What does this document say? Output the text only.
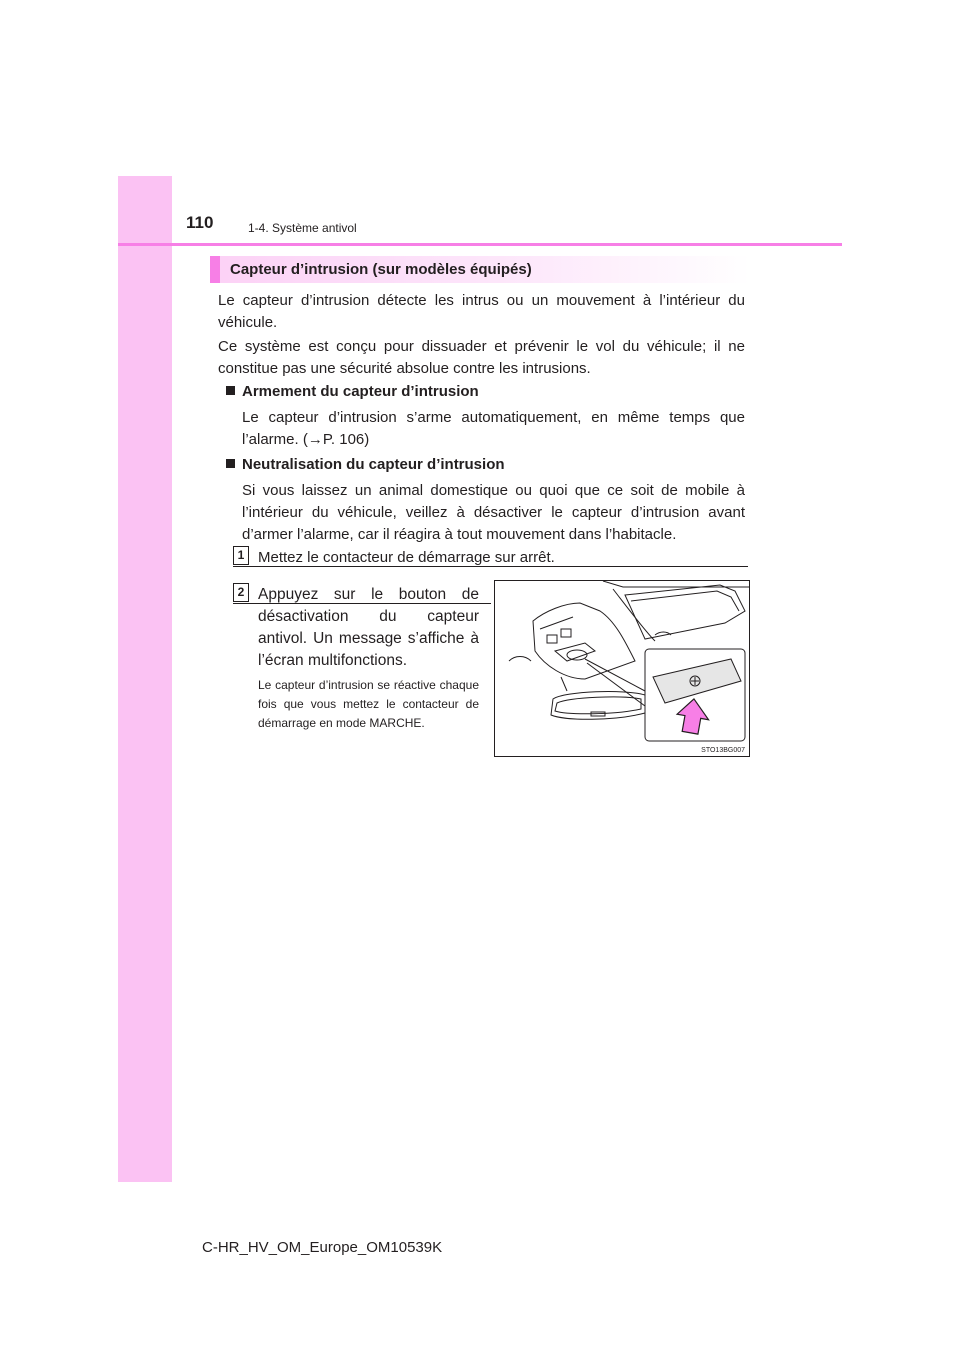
110	1-4. Système antivol
Capteur d’intrusion (sur modèles équipés)
Le capteur d’intrusion détecte les intrus ou un mouvement à l’intérieur du véhicule.
Ce système est conçu pour dissuader et prévenir le vol du véhicule; il ne constitue pas une sécurité absolue contre les intrusions.
Armement du capteur d’intrusion
Le capteur d’intrusion s’arme automatiquement, en même temps que l’alarme. (→P. 106)
Neutralisation du capteur d’intrusion
Si vous laissez un animal domestique ou quoi que ce soit de mobile à l’intérieur du véhicule, veillez à désactiver le capteur d’intrusion avant d’armer l’alarme, car il réagira à tout mouvement dans l’habitacle.
1 Mettez le contacteur de démarrage sur arrêt.
2 Appuyez sur le bouton de désactivation du capteur antivol. Un message s’affiche à l’écran multifonctions.
Le capteur d’intrusion se réactive chaque fois que vous mettez le contacteur de démarrage en mode MARCHE.
STO13BG007
C-HR_HV_OM_Europe_OM10539K
